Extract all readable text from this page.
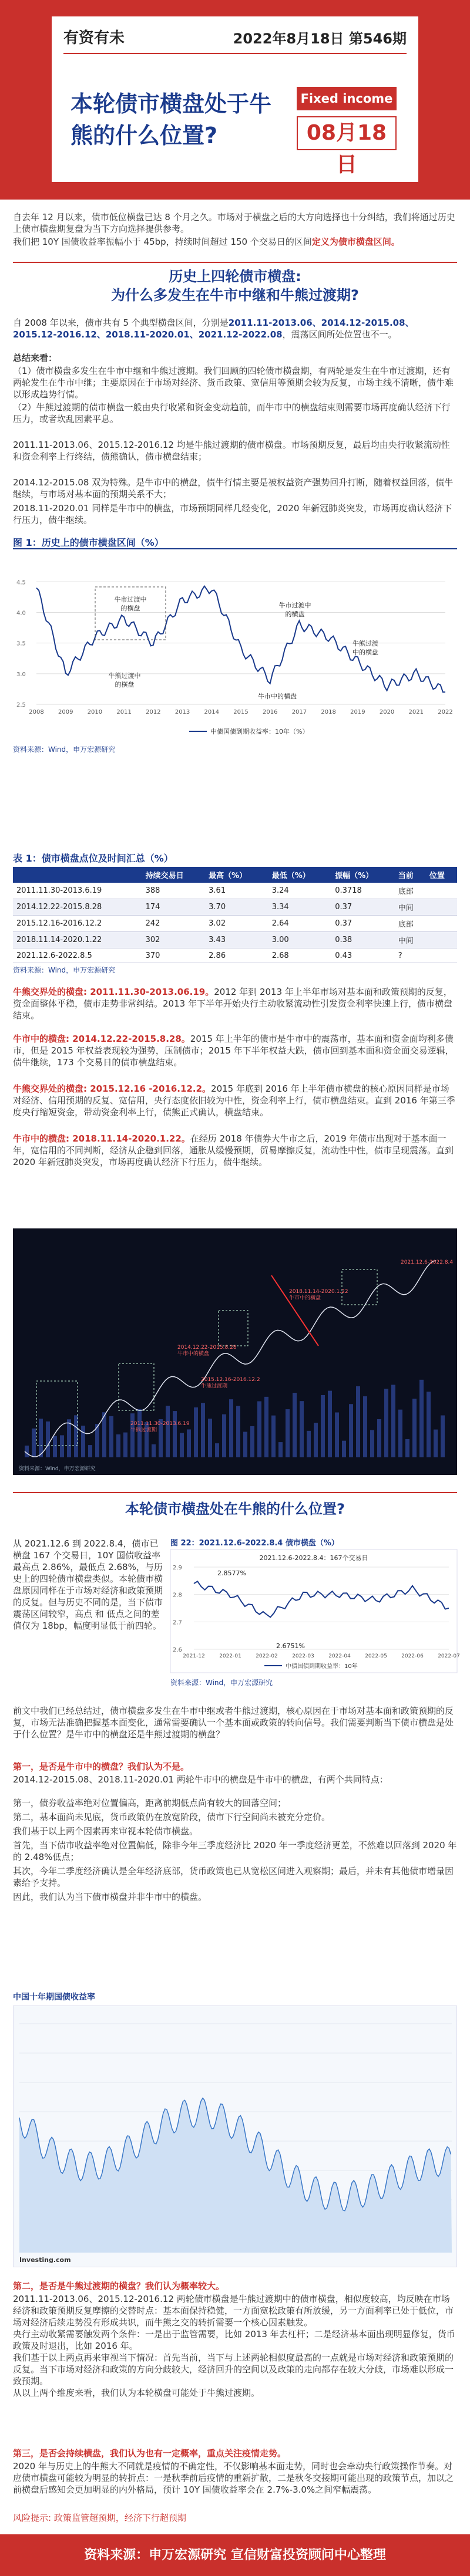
有资有未	2022年8月18日 第546期
本轮债市横盘处于牛熊的什么位置?
Fixed income
08月18日
自去年 12 月以来，债市低位横盘已达 8 个月之久。市场对于横盘之后的大方向选择也十分纠结，我们将通过历史上债市横盘期复盘为当下方向选择提供参考。
我们把 10Y 国债收益率振幅小于 45bp，持续时间超过 150 个交易日的区间定义为债市横盘区间。
历史上四轮债市横盘:
为什么多发生在牛市中继和牛熊过渡期?
自 2008 年以来，债市共有 5 个典型横盘区间，分别是2011.11-2013.06、2014.12-2015.08、2015.12-2016.12、2018.11-2020.01、2021.12-2022.08，震荡区间所处位置也不一。
总结来看：
（1）债市横盘多发生在牛市中继和牛熊过渡期。我们回顾的四轮债市横盘期，有两轮是发生在牛市过渡期，还有两轮发生在牛市中继；主要原因在于市场对经济、货币政策、宽信用等预期会较为反复，市场主线不清晰，债牛难以形成趋势行情。
（2）牛熊过渡期的债市横盘一般由央行收紧和资金变动趋前，而牛市中的横盘结束则需要市场再度确认经济下行压力，或者坎乱因素平息。
2011.11-2013.06、2015.12-2016.12 均是牛熊过渡期的债市横盘。市场预期反复，最后均由央行收紧流动性和资金利率上行终结，债熊确认，债市横盘结束；
2014.12-2015.08 双为特殊。是牛市中的横盘，债牛行情主要是被权益资产强势回升打断，随着权益回落，债牛继续，与市场对基本面的预期关系不大；
2018.11-2020.01 同样是牛市中的横盘，市场预期同样几经变化，2020 年新冠肺炎突发，市场再度确认经济下行压力，债牛继续。
图 1：历史上的债市横盘区间（%）
2.5
3.0
3.5
4.0
4.5
2008 2009 2010 2011 2012 2013 2014 2015 2016 2017 2018 2019 2020 2021 2022
牛市过渡中
的横盘
牛熊过渡中
的横盘
牛市过渡中
的横盘
牛熊过渡
中的横盘
牛市中的横盘
中债国债到期收益率：10年（%）
资料来源：Wind，申万宏源研究
表 1：债市横盘点位及时间汇总（%）
	持续交易日	最高（%）	最低（%）	振幅（%）	当前	位置
2011.11.30-2013.6.19	388	3.61	3.24	0.3718	底部	
2014.12.22-2015.8.28	174	3.70	3.34	0.37	中间	
2015.12.16-2016.12.2	242	3.02	2.64	0.37	底部	
2018.11.14-2020.1.22	302	3.43	3.00	0.38	中间	
2021.12.6-2022.8.5	370	2.86	2.68	0.43	?	
资料来源：Wind，申万宏源研究
牛熊交界处的横盘: 2011.11.30-2013.06.19。2012 年到 2013 年上半年市场对基本面和政策预期的反复，资金面整体平稳，债市走势非常纠结。2013 年下半年开始央行主动收紧流动性引发资金利率快速上行，债市横盘结束。
牛市中的横盘: 2014.12.22-2015.8.28。2015 年上半年的债市是牛市中的震荡市，基本面和资金面均利多债市，但是 2015 年权益表现较为强势，压制债市；2015 年下半年权益大跌，债市回到基本面和资金面交易逻辑，债牛继续，173 个交易日的债市横盘结束。
牛熊交界处的横盘: 2015.12.16 -2016.12.2。2015 年底到 2016 年上半年债市横盘的核心原因同样是市场对经济、信用预期的反复、宽信用，央行态度依旧较为中性，资金利率上行，债市横盘结束。直到 2016 年第三季度央行缩短资金，带动资金利率上行，债熊正式确认，横盘结束。
牛市中的横盘: 2018.11.14-2020.1.22。在经历 2018 年债券大牛市之后，2019 年债市出现对于基本面一年，宽信用的不同判断，经济从企稳到回落，通胀从缓慢预期，贸易摩擦反复，流动性中性，债市呈现震荡。直到 2020 年新冠肺炎突发，市场再度确认经济下行压力，债牛继续。
2011.11.30-2013.6.19
牛熊过渡期
2014.12.22-2015.8.28
牛市中的横盘
2015.12.16-2016.12.2
牛熊过渡期
2018.11.14-2020.1.22
牛市中的横盘
2021.12.6-2022.8.4
资料来源：Wind，申万宏源研究
本轮债市横盘处在牛熊的什么位置?
从 2021.12.6 到 2022.8.4，债市已横盘 167 个交易日，10Y 国债收益率最高点 2.86%，最低点 2.68%，与历史上的四轮债市横盘类似。本轮债市横盘原因同样在于市场对经济和政策预期的反复。但与历史不同的是，当下债市震荡区间较窄，高点 和 低点之间的差值仅为 18bp，幅度明显低于前四轮。
图 22：2021.12.6-2022.8.4 债市横盘（%）
2021.12.6-2022.8.4：167个交易日
2.6
2.7
2.8
2.9
2021-12	2022-01	2022-02	2022-03	2022-04	2022-05	2022-06	2022-07
2.8577%
2.6751%
中债国债到期收益率：10年
资料来源：Wind，申万宏源研究
前文中我们已经总结过，债市横盘多发生在牛市中继或者牛熊过渡期，核心原因在于市场对基本面和政策预期的反复，市场无法准确把握基本面变化，通常需要确认一个基本面或政策的转向信号。我们需要判断当下债市横盘是处于什么位置？是牛市中的横盘还是牛熊过渡期的横盘？
第一，是否是牛市中的横盘？我们认为不是。
2014.12-2015.08、2018.11-2020.01 两轮牛市中的横盘是牛市中的横盘，有两个共同特点：
第一，债券收益率绝对位置偏高，距离前期低点尚有较大的回落空间；
第二，基本面尚未见底，货币政策仍在放宽阶段，债市下行空间尚未被充分定价。
我们基于以上两个因素再来审视本轮债市横盘。
首先，当下债市收益率绝对位置偏低，除非今年三季度经济比 2020 年一季度经济更差，不然难以回落到 2020 年的 2.48%低点；
其次，今年二季度经济确认是全年经济底部，货币政策也已从宽松区间进入观察期；最后，并未有其他债市增量因素给予支持。
因此，我们认为当下债市横盘并非牛市中的横盘。
中国十年期国债收益率
Investing.com
第二，是否是牛熊过渡期的横盘？我们认为概率较大。
2011.11-2013.06、2015.12-2016.12 两轮债市横盘是牛熊过渡期中的债市横盘，相似度较高，均反映在市场经济和政策预期反复摩擦的交替时点：基本面保持稳健，一方面宽松政策有所放缓，另一方面利率已处于低位，市场对经济后续走势没有形成共识，而牛熊之交的转折需要一个核心因素触发。
央行主动收紧需要触发两个条件：一是出于监管需要，比如 2013 年去杠杆；二是经济基本面出现明显修复，货币政策及时退出，比如 2016 年。
我们基于以上两点再来审视当下情况：首先当前，当下与上述两轮相似度最高的一点就是市场对经济和政策预期的反复。当下市场对经济和政策的方向分歧较大，经济回升的空间以及政策的走向都存在较大分歧，市场难以形成一致预期。
从以上两个维度来看，我们认为本轮横盘可能处于牛熊过渡期。
第三，是否会持续横盘，我们认为也有一定概率，重点关注疫情走势。
2020 年与历史上的牛熊大不同就是疫情的不确定性，不仅影响基本面走势，同时也会牵动央行政策操作节奏。对应债市横盘可能较为明显的转折点：一是秋季前后疫情的重新扩散，二是秋冬交接期可能出现的政策节点，加以之前横盘后感知会更加明显的内外格局，预计 10Y 国债收益率会在 2.7%-3.0%之间窄幅震荡。
风险提示: 政策监管超预期，经济下行超预期
资料来源：申万宏源研究 宣信财富投资顾问中心整理
